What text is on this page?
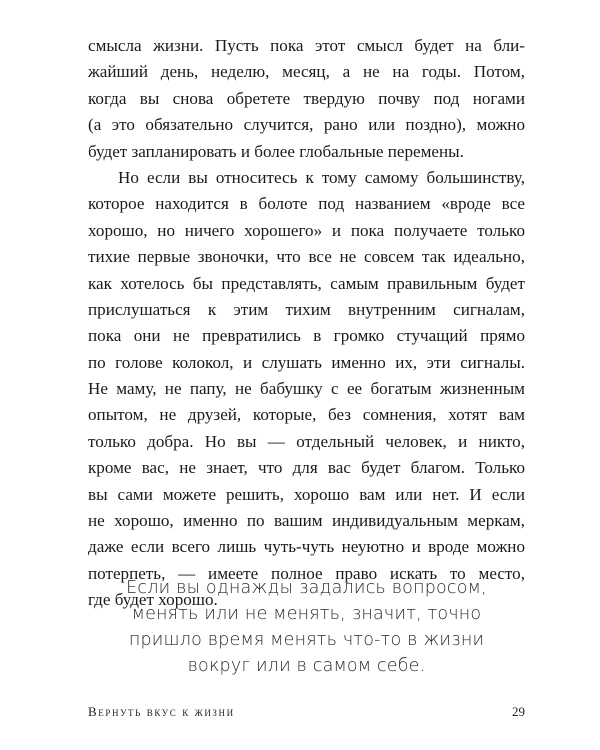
смысла жизни. Пусть пока этот смысл будет на бли-
жайший день, неделю, месяц, а не на годы. Потом,
когда вы снова обретете твердую почву под ногами
(а это обязательно случится, рано или поздно), можно
будет запланировать и более глобальные перемены.
Но если вы относитесь к тому самому большинству,
которое находится в болоте под названием «вроде все
хорошо, но ничего хорошего» и пока получаете только
тихие первые звоночки, что все не совсем так идеально,
как хотелось бы представлять, самым правильным будет
прислушаться к этим тихим внутренним сигналам,
пока они не превратились в громко стучащий прямо
по голове колокол, и слушать именно их, эти сигналы.
Не маму, не папу, не бабушку с ее богатым жизненным
опытом, не друзей, которые, без сомнения, хотят вам
только добра. Но вы — отдельный человек, и никто,
кроме вас, не знает, что для вас будет благом. Только
вы сами можете решить, хорошо вам или нет. И если
не хорошо, именно по вашим индивидуальным меркам,
даже если всего лишь чуть-чуть неуютно и вроде можно
потерпеть, — имеете полное право искать то место,
где будет хорошо.
Если вы однажды задались вопросом,
менять или не менять, значит, точно
пришло время менять что-то в жизни
вокруг или в самом себе.
Вернуть вкус к жизни	29
